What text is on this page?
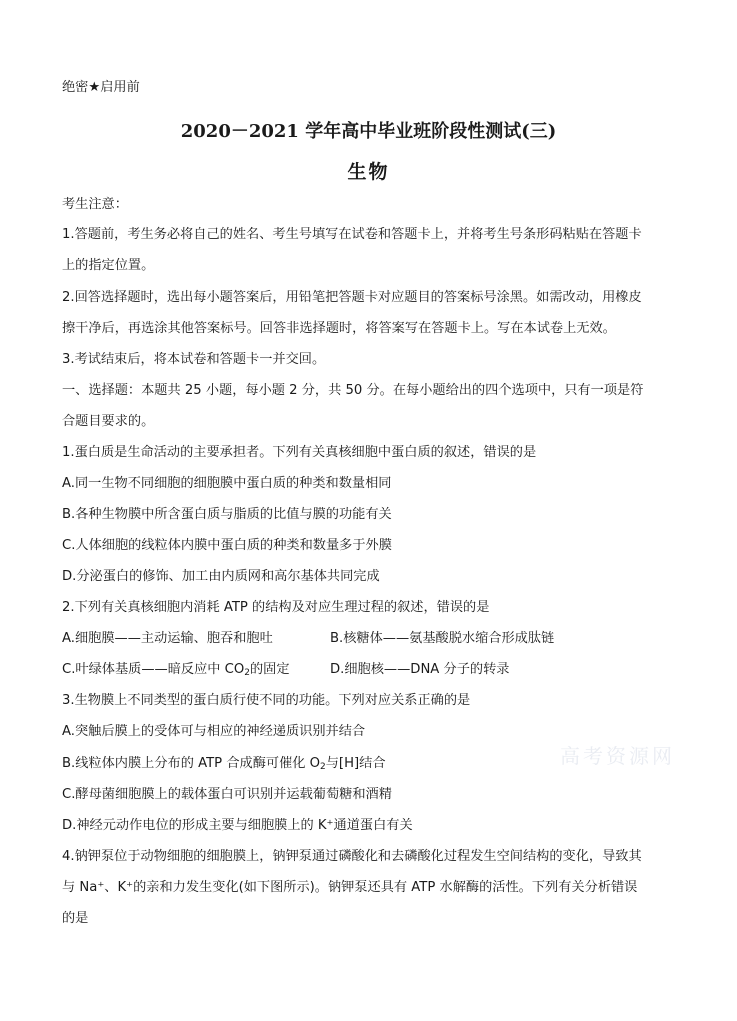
绝密★启用前
2020－2021 学年高中毕业班阶段性测试(三)
生物
考生注意：
1.答题前，考生务必将自己的姓名、考生号填写在试卷和答题卡上，并将考生号条形码粘贴在答题卡
上的指定位置。
2.回答选择题时，选出每小题答案后，用铅笔把答题卡对应题目的答案标号涂黑。如需改动，用橡皮
擦干净后，再选涂其他答案标号。回答非选择题时，将答案写在答题卡上。写在本试卷上无效。
3.考试结束后，将本试卷和答题卡一并交回。
一、选择题：本题共 25 小题，每小题 2 分，共 50 分。在每小题给出的四个选项中，只有一项是符
合题目要求的。
1.蛋白质是生命活动的主要承担者。下列有关真核细胞中蛋白质的叙述，错误的是
A.同一生物不同细胞的细胞膜中蛋白质的种类和数量相同
B.各种生物膜中所含蛋白质与脂质的比值与膜的功能有关
C.人体细胞的线粒体内膜中蛋白质的种类和数量多于外膜
D.分泌蛋白的修饰、加工由内质网和高尔基体共同完成
2.下列有关真核细胞内消耗 ATP 的结构及对应生理过程的叙述，错误的是
A.细胞膜——主动运输、胞吞和胞吐	B.核糖体——氨基酸脱水缩合形成肽链
C.叶绿体基质——暗反应中 $CO_2$的固定	D.细胞核——DNA 分子的转录
3.生物膜上不同类型的蛋白质行使不同的功能。下列对应关系正确的是
A.突触后膜上的受体可与相应的神经递质识别并结合
B.线粒体内膜上分布的 ATP 合成酶可催化 $O_2$与[H]结合
C.酵母菌细胞膜上的载体蛋白可识别并运载葡萄糖和酒精
D.神经元动作电位的形成主要与细胞膜上的 K⁺通道蛋白有关
4.钠钾泵位于动物细胞的细胞膜上，钠钾泵通过磷酸化和去磷酸化过程发生空间结构的变化，导致其
与 Na⁺、K⁺的亲和力发生变化(如下图所示)。钠钾泵还具有 ATP 水解酶的活性。下列有关分析错误
的是
高考资源网
